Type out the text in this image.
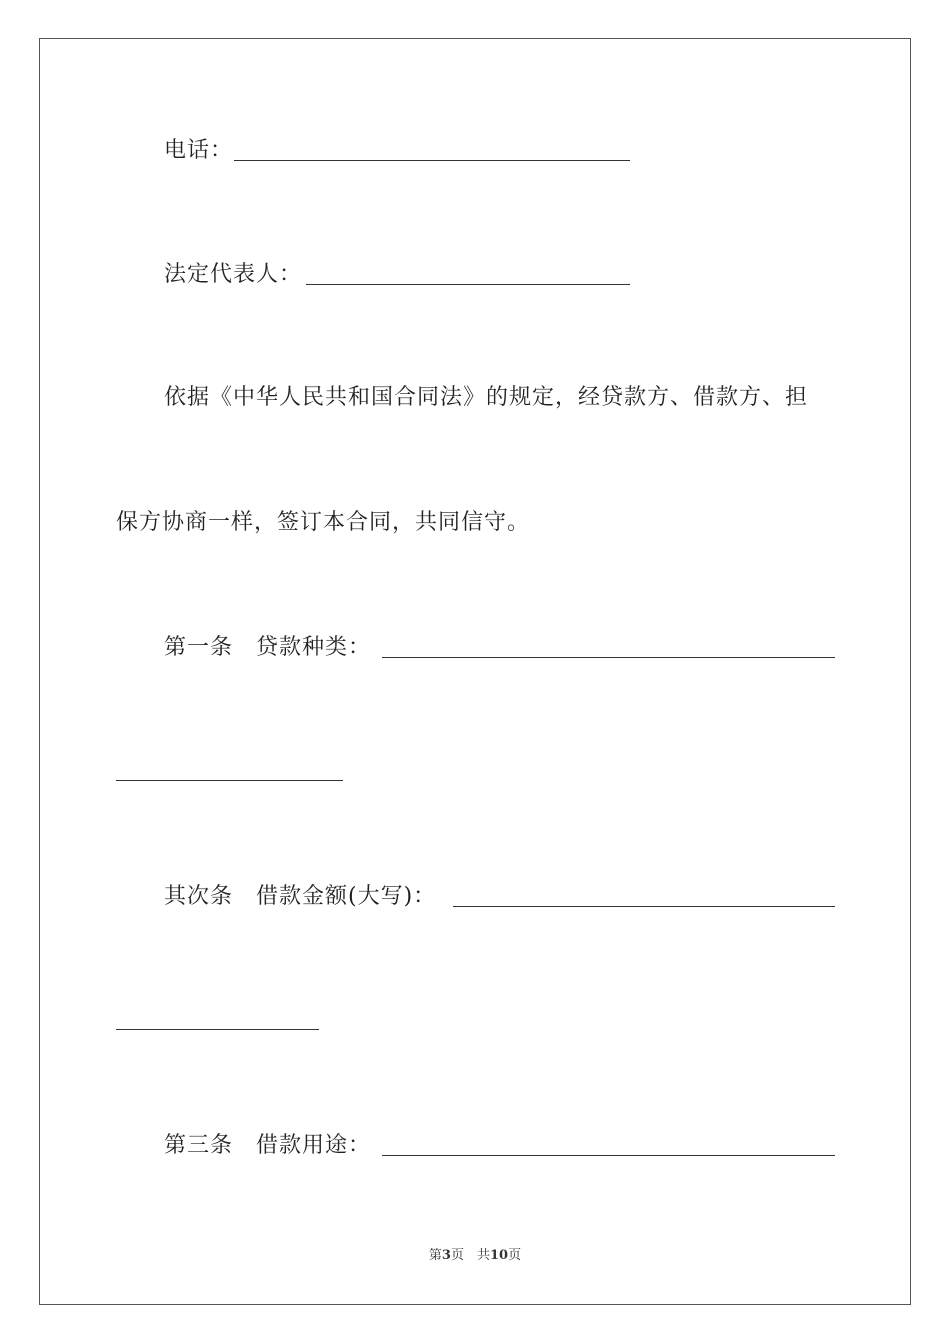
电话：
法定代表人：
依据《中华人民共和国合同法》的规定，经贷款方、借款方、担
保方协商一样，签订本合同，共同信守。
第一条　贷款种类：
其次条　借款金额(大写)：
第三条　借款用途：
第3页　共10页
